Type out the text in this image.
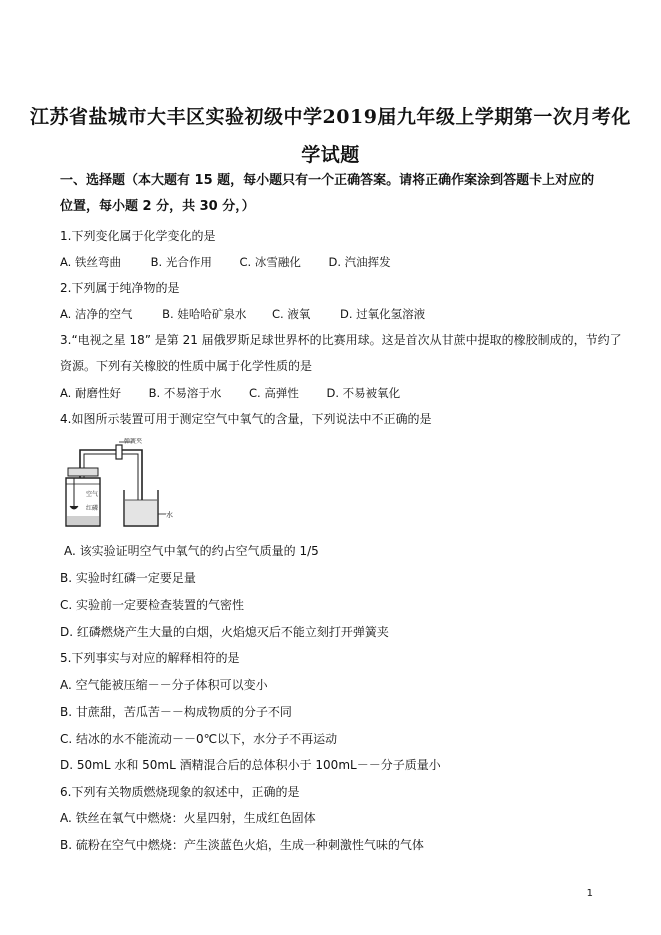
江苏省盐城市大丰区实验初级中学2019届九年级上学期第一次月考化
学试题
一、选择题（本大题有 15 题，每小题只有一个正确答案。请将正确作案涂到答题卡上对应的
位置，每小题 2 分，共 30 分，）
1.下列变化属于化学变化的是
A. 铁丝弯曲	B. 光合作用 C. 冰雪融化 D. 汽油挥发
2.下列属于纯净物的是
A. 洁净的空气	B. 娃哈哈矿泉水 C. 液氧	D. 过氧化氢溶液
3.“电视之星 18” 是第 21 届俄罗斯足球世界杯的比赛用球。这是首次从甘蔗中提取的橡胶制成的，节约了
资源。下列有关橡胶的性质中属于化学性质的是
A. 耐磨性好 B. 不易溶于水 C. 高弹性 D. 不易被氧化
4.如图所示装置可用于测定空气中氧气的含量，下列说法中不正确的是
弹簧夹
空气
红磷
水
A. 该实验证明空气中氧气的约占空气质量的 1/5
B. 实验时红磷一定要足量
C. 实验前一定要检查装置的气密性
D. 红磷燃烧产生大量的白烟，火焰熄灭后不能立刻打开弹簧夹
5.下列事实与对应的解释相符的是
A. 空气能被压缩－－分子体积可以变小
B. 甘蔗甜，苦瓜苦－－构成物质的分子不同
C. 结冰的水不能流动－－0℃以下，水分子不再运动
D. 50mL 水和 50mL 酒精混合后的总体积小于 100mL－－分子质量小
6.下列有关物质燃烧现象的叙述中，正确的是
A. 铁丝在氧气中燃烧：火星四射，生成红色固体
B. 硫粉在空气中燃烧：产生淡蓝色火焰，生成一种刺激性气味的气体
1
